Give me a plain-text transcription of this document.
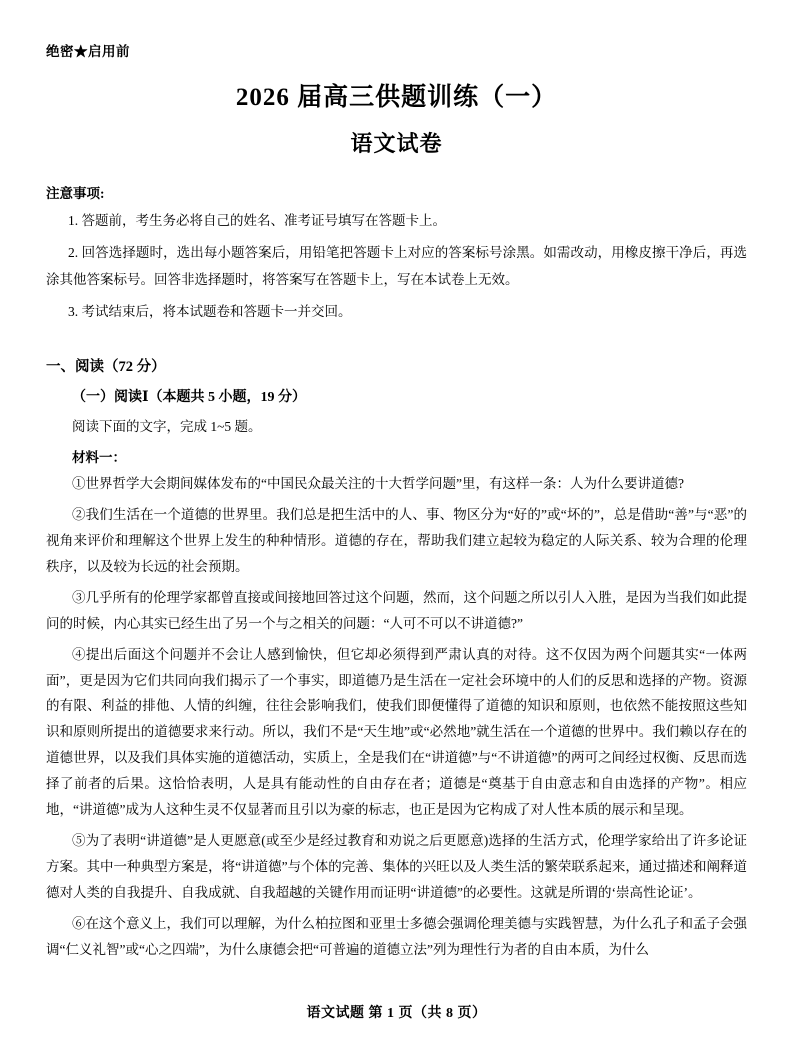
绝密★启用前
2026 届高三供题训练（一）
语文试卷
注意事项:

1. 答题前，考生务必将自己的姓名、准考证号填写在答题卡上。

2. 回答选择题时，选出每小题答案后，用铅笔把答题卡上对应的答案标号涂黑。如需改动，用橡皮擦干净后，再选涂其他答案标号。回答非选择题时，将答案写在答题卡上，写在本试卷上无效。

3. 考试结束后，将本试题卷和答题卡一并交回。

一、阅读（72 分）
（一）阅读Ⅰ（本题共 5 小题，19 分）
阅读下面的文字，完成 1~5 题。
材料一：

①世界哲学大会期间媒体发布的“中国民众最关注的十大哲学问题”里，有这样一条：人为什么要讲道德?

②我们生活在一个道德的世界里。我们总是把生活中的人、事、物区分为“好的”或“坏的”，总是借助“善”与“恶”的视角来评价和理解这个世界上发生的种种情形。道德的存在，帮助我们建立起较为稳定的人际关系、较为合理的伦理秩序，以及较为长远的社会预期。

③几乎所有的伦理学家都曾直接或间接地回答过这个问题，然而，这个问题之所以引人入胜，是因为当我们如此提问的时候，内心其实已经生出了另一个与之相关的问题：“人可不可以不讲道德?”

④提出后面这个问题并不会让人感到愉快，但它却必须得到严肃认真的对待。这不仅因为两个问题其实“一体两面”，更是因为它们共同向我们揭示了一个事实，即道德乃是生活在一定社会环境中的人们的反思和选择的产物。资源的有限、利益的排他、人情的纠缠，往往会影响我们，使我们即便懂得了道德的知识和原则，也依然不能按照这些知识和原则所提出的道德要求来行动。所以，我们不是“天生地”或“必然地”就生活在一个道德的世界中。我们赖以存在的道德世界，以及我们具体实施的道德活动，实质上，全是我们在“讲道德”与“不讲道德”的两可之间经过权衡、反思而选择了前者的后果。这恰恰表明，人是具有能动性的自由存在者；道德是“奠基于自由意志和自由选择的产物”。相应地，“讲道德”成为人这种生灵不仅显著而且引以为豪的标志，也正是因为它构成了对人性本质的展示和呈现。

⑤为了表明“讲道德”是人更愿意(或至少是经过教育和劝说之后更愿意)选择的生活方式，伦理学家给出了许多论证方案。其中一种典型方案是，将“讲道德”与个体的完善、集体的兴旺以及人类生活的繁荣联系起来，通过描述和阐释道德对人类的自我提升、自我成就、自我超越的关键作用而证明“讲道德”的必要性。这就是所谓的‘崇高性论证’。

⑥在这个意义上，我们可以理解，为什么柏拉图和亚里士多德会强调伦理美德与实践智慧，为什么孔子和孟子会强调“仁义礼智”或“心之四端”，为什么康德会把“可普遍的道德立法”列为理性行为者的自由本质，为什么

语文试题 第 1 页（共 8 页）
